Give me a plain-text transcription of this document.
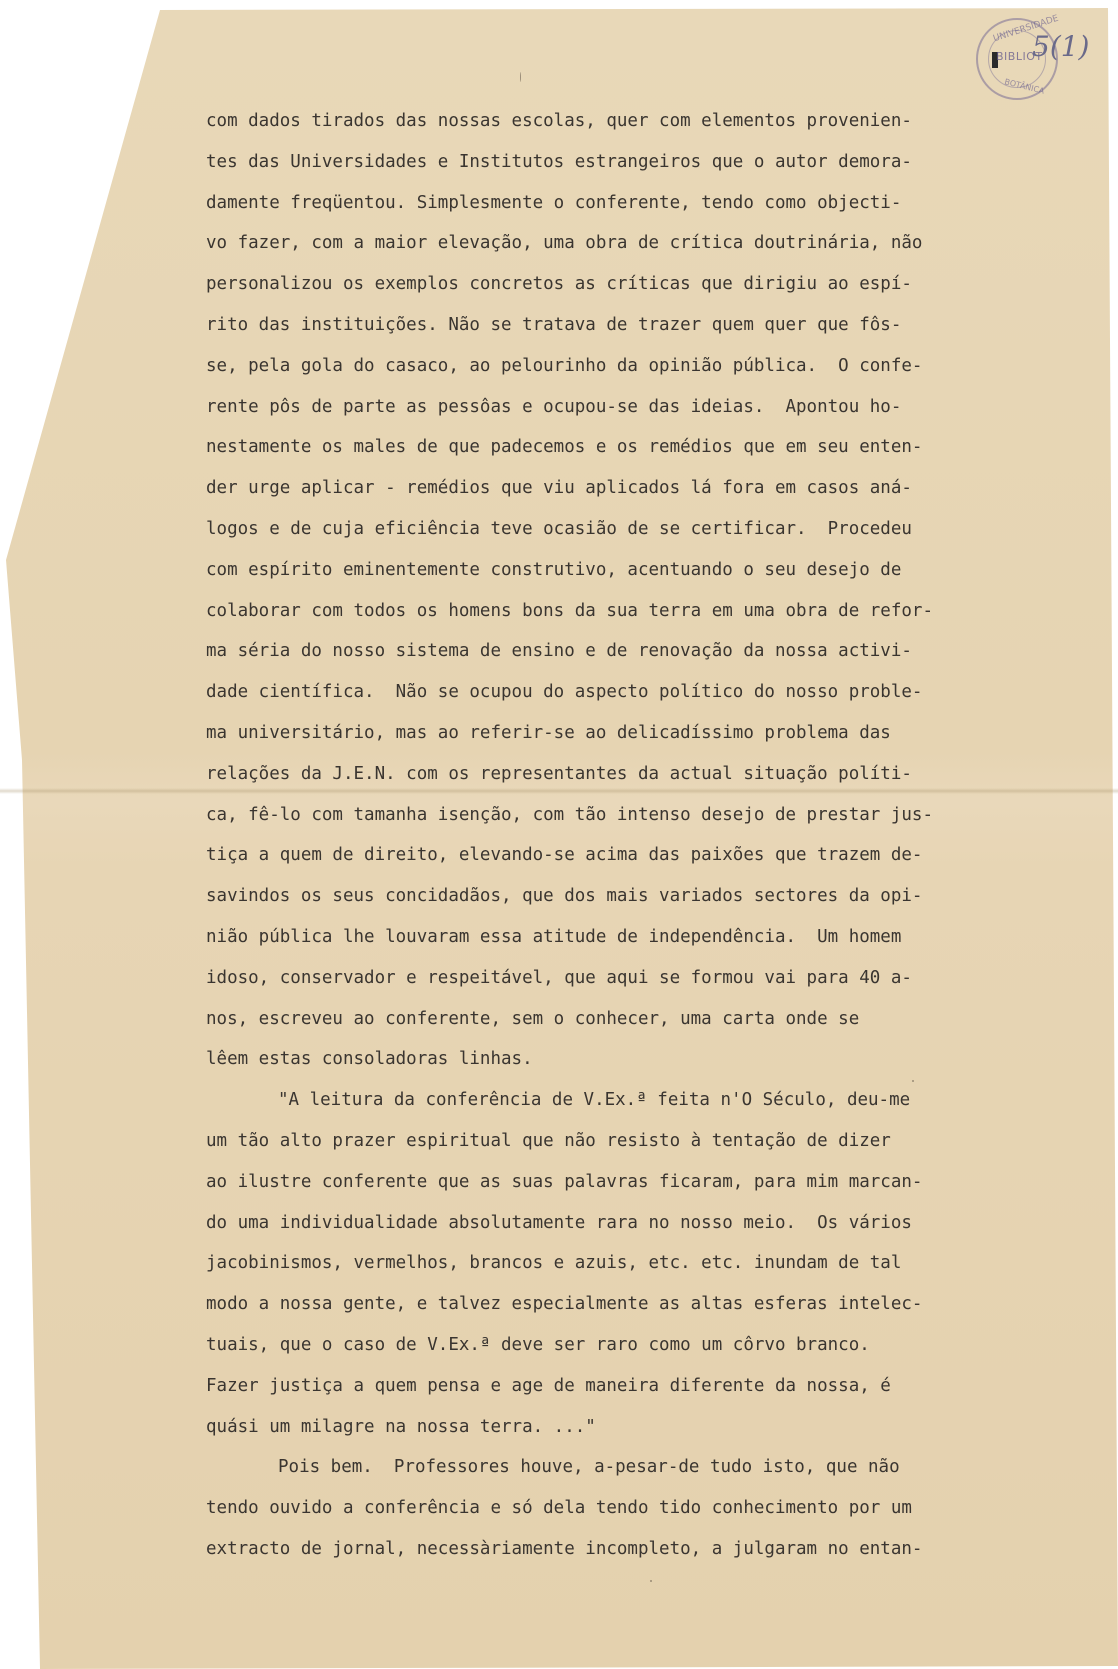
UNIVERSIDADE
BIBLIOT
BOTÂNICA
5(1)
com dados tirados das nossas escolas, quer com elementos provenien-
tes das Universidades e Institutos estrangeiros que o autor demora-
damente freqüentou. Simplesmente o conferente, tendo como objecti-
vo fazer, com a maior elevação, uma obra de crítica doutrinária, não
personalizou os exemplos concretos as críticas que dirigiu ao espí-
rito das instituições. Não se tratava de trazer quem quer que fôs-
se, pela gola do casaco, ao pelourinho da opinião pública.  O confe-
rente pôs de parte as pessôas e ocupou-se das ideias.  Apontou ho-
nestamente os males de que padecemos e os remédios que em seu enten-
der urge aplicar - remédios que viu aplicados lá fora em casos aná-
logos e de cuja eficiência teve ocasião de se certificar.  Procedeu
com espírito eminentemente construtivo, acentuando o seu desejo de
colaborar com todos os homens bons da sua terra em uma obra de refor-
ma séria do nosso sistema de ensino e de renovação da nossa activi-
dade científica.  Não se ocupou do aspecto político do nosso proble-
ma universitário, mas ao referir-se ao delicadíssimo problema das
relações da J.E.N. com os representantes da actual situação políti-
ca, fê-lo com tamanha isenção, com tão intenso desejo de prestar jus-
tiça a quem de direito, elevando-se acima das paixões que trazem de-
savindos os seus concidadãos, que dos mais variados sectores da opi-
nião pública lhe louvaram essa atitude de independência.  Um homem
idoso, conservador e respeitável, que aqui se formou vai para 40 a-
nos, escreveu ao conferente, sem o conhecer, uma carta onde se
lêem estas consoladoras linhas.
"A leitura da conferência de V.Ex.ª feita n'O Século, deu-me
um tão alto prazer espiritual que não resisto à tentação de dizer
ao ilustre conferente que as suas palavras ficaram, para mim marcan-
do uma individualidade absolutamente rara no nosso meio.  Os vários
jacobinismos, vermelhos, brancos e azuis, etc. etc. inundam de tal
modo a nossa gente, e talvez especialmente as altas esferas intelec-
tuais, que o caso de V.Ex.ª deve ser raro como um côrvo branco.
Fazer justiça a quem pensa e age de maneira diferente da nossa, é
quási um milagre na nossa terra. ..."
Pois bem.  Professores houve, a-pesar-de tudo isto, que não
tendo ouvido a conferência e só dela tendo tido conhecimento por um
extracto de jornal, necessàriamente incompleto, a julgaram no entan-
